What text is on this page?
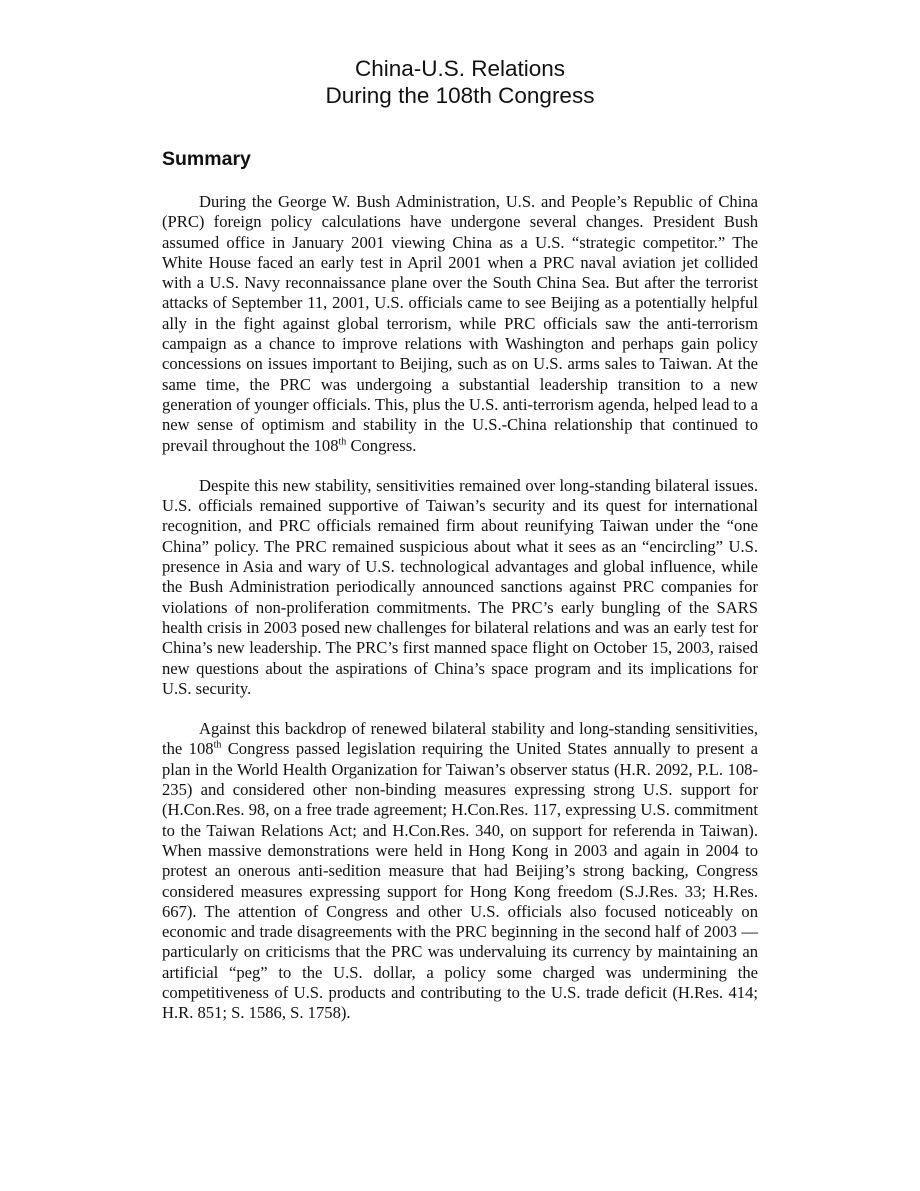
China-U.S. Relations
During the 108th Congress
Summary

During the George W. Bush Administration, U.S. and People’s Republic of China (PRC) foreign policy calculations have undergone several changes. President Bush assumed office in January 2001 viewing China as a U.S. “strategic competitor.” The White House faced an early test in April 2001 when a PRC naval aviation jet collided with a U.S. Navy reconnaissance plane over the South China Sea. But after the terrorist attacks of September 11, 2001, U.S. officials came to see Beijing as a potentially helpful ally in the fight against global terrorism, while PRC officials saw the anti-terrorism campaign as a chance to improve relations with Washington and perhaps gain policy concessions on issues important to Beijing, such as on U.S. arms sales to Taiwan. At the same time, the PRC was undergoing a substantial leadership transition to a new generation of younger officials. This, plus the U.S. anti-terrorism agenda, helped lead to a new sense of optimism and stability in the U.S.-China relationship that continued to prevail throughout the 108th Congress.

Despite this new stability, sensitivities remained over long-standing bilateral issues. U.S. officials remained supportive of Taiwan’s security and its quest for international recognition, and PRC officials remained firm about reunifying Taiwan under the “one China” policy. The PRC remained suspicious about what it sees as an “encircling” U.S. presence in Asia and wary of U.S. technological advantages and global influence, while the Bush Administration periodically announced sanctions against PRC companies for violations of non-proliferation commitments. The PRC’s early bungling of the SARS health crisis in 2003 posed new challenges for bilateral relations and was an early test for China’s new leadership. The PRC’s first manned space flight on October 15, 2003, raised new questions about the aspirations of China’s space program and its implications for U.S. security.

Against this backdrop of renewed bilateral stability and long-standing sensitivities, the 108th Congress passed legislation requiring the United States annually to present a plan in the World Health Organization for Taiwan’s observer status (H.R. 2092, P.L. 108-235) and considered other non-binding measures expressing strong U.S. support for (H.Con.Res. 98, on a free trade agreement; H.Con.Res. 117, expressing U.S. commitment to the Taiwan Relations Act; and H.Con.Res. 340, on support for referenda in Taiwan). When massive demonstrations were held in Hong Kong in 2003 and again in 2004 to protest an onerous anti-sedition measure that had Beijing’s strong backing, Congress considered measures expressing support for Hong Kong freedom (S.J.Res. 33; H.Res. 667). The attention of Congress and other U.S. officials also focused noticeably on economic and trade disagreements with the PRC beginning in the second half of 2003 — particularly on criticisms that the PRC was undervaluing its currency by maintaining an artificial “peg” to the U.S. dollar, a policy some charged was undermining the competitiveness of U.S. products and contributing to the U.S. trade deficit (H.Res. 414; H.R. 851; S. 1586, S. 1758).
